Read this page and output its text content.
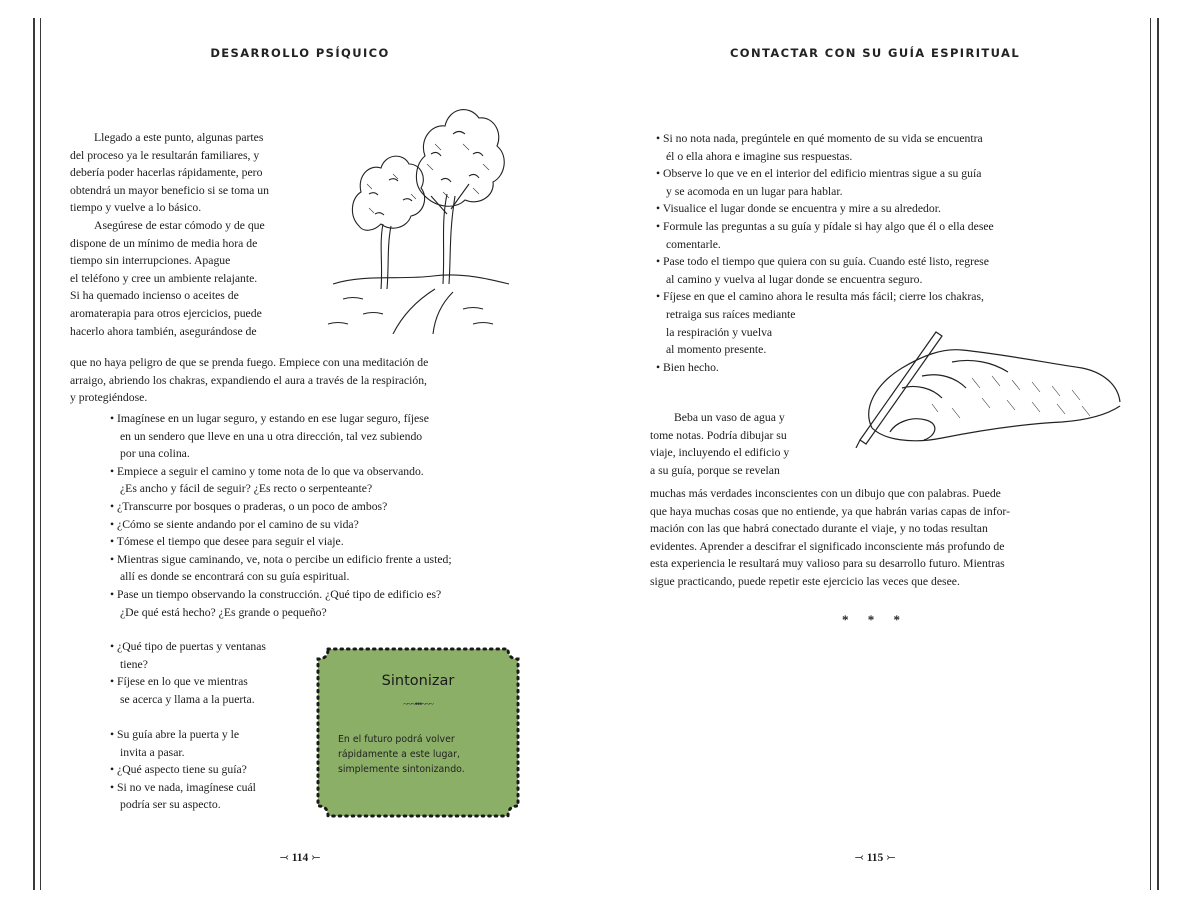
DESARROLLO PSÍQUICO
Llegado a este punto, algunas partes
del proceso ya le resultarán familiares, y
debería poder hacerlas rápidamente, pero
obtendrá un mayor beneficio si se toma un
tiempo y vuelve a lo básico.
Asegúrese de estar cómodo y de que
dispone de un mínimo de media hora de
tiempo sin interrupciones. Apague
el teléfono y cree un ambiente relajante.
Si ha quemado incienso o aceites de
aromaterapia para otros ejercicios, puede
hacerlo ahora también, asegurándose de
que no haya peligro de que se prenda fuego. Empiece con una meditación de
arraigo, abriendo los chakras, expandiendo el aura a través de la respiración,
y protegiéndose.
• Imagínese en un lugar seguro, y estando en ese lugar seguro, fíjese
en un sendero que lleve en una u otra dirección, tal vez subiendo
por una colina.
• Empiece a seguir el camino y tome nota de lo que va observando.
¿Es ancho y fácil de seguir? ¿Es recto o serpenteante?
• ¿Transcurre por bosques o praderas, o un poco de ambos?
• ¿Cómo se siente andando por el camino de su vida?
• Tómese el tiempo que desee para seguir el viaje.
• Mientras sigue caminando, ve, nota o percibe un edificio frente a usted;
allí es donde se encontrará con su guía espiritual.
• Pase un tiempo observando la construcción. ¿Qué tipo de edificio es?
¿De qué está hecho? ¿Es grande o pequeño?
• ¿Qué tipo de puertas y ventanas
tiene?
• Fíjese en lo que ve mientras
se acerca y llama a la puerta.
• Su guía abre la puerta y le
invita a pasar.
• ¿Qué aspecto tiene su guía?
• Si no ve nada, imagínese cuál
podría ser su aspecto.
Sintonizar
~~~•••~~~
En el futuro podrá volver
rápidamente a este lugar,
simplemente sintonizando.
⤙ 114 ⤚
CONTACTAR CON SU GUÍA ESPIRITUAL
• Si no nota nada, pregúntele en qué momento de su vida se encuentra
él o ella ahora e imagine sus respuestas.
• Observe lo que ve en el interior del edificio mientras sigue a su guía
y se acomoda en un lugar para hablar.
• Visualice el lugar donde se encuentra y mire a su alrededor.
• Formule las preguntas a su guía y pídale si hay algo que él o ella desee
comentarle.
• Pase todo el tiempo que quiera con su guía. Cuando esté listo, regrese
al camino y vuelva al lugar donde se encuentra seguro.
• Fíjese en que el camino ahora le resulta más fácil; cierre los chakras,
retraiga sus raíces mediante
la respiración y vuelva
al momento presente.
• Bien hecho.
Beba un vaso de agua y
tome notas. Podría dibujar su
viaje, incluyendo el edificio y
a su guía, porque se revelan
muchas más verdades inconscientes con un dibujo que con palabras. Puede
que haya muchas cosas que no entiende, ya que habrán varias capas de infor-
mación con las que habrá conectado durante el viaje, y no todas resultan
evidentes. Aprender a descifrar el significado inconsciente más profundo de
esta experiencia le resultará muy valioso para su desarrollo futuro. Mientras
sigue practicando, puede repetir este ejercicio las veces que desee.
* * *
⤙ 115 ⤚
